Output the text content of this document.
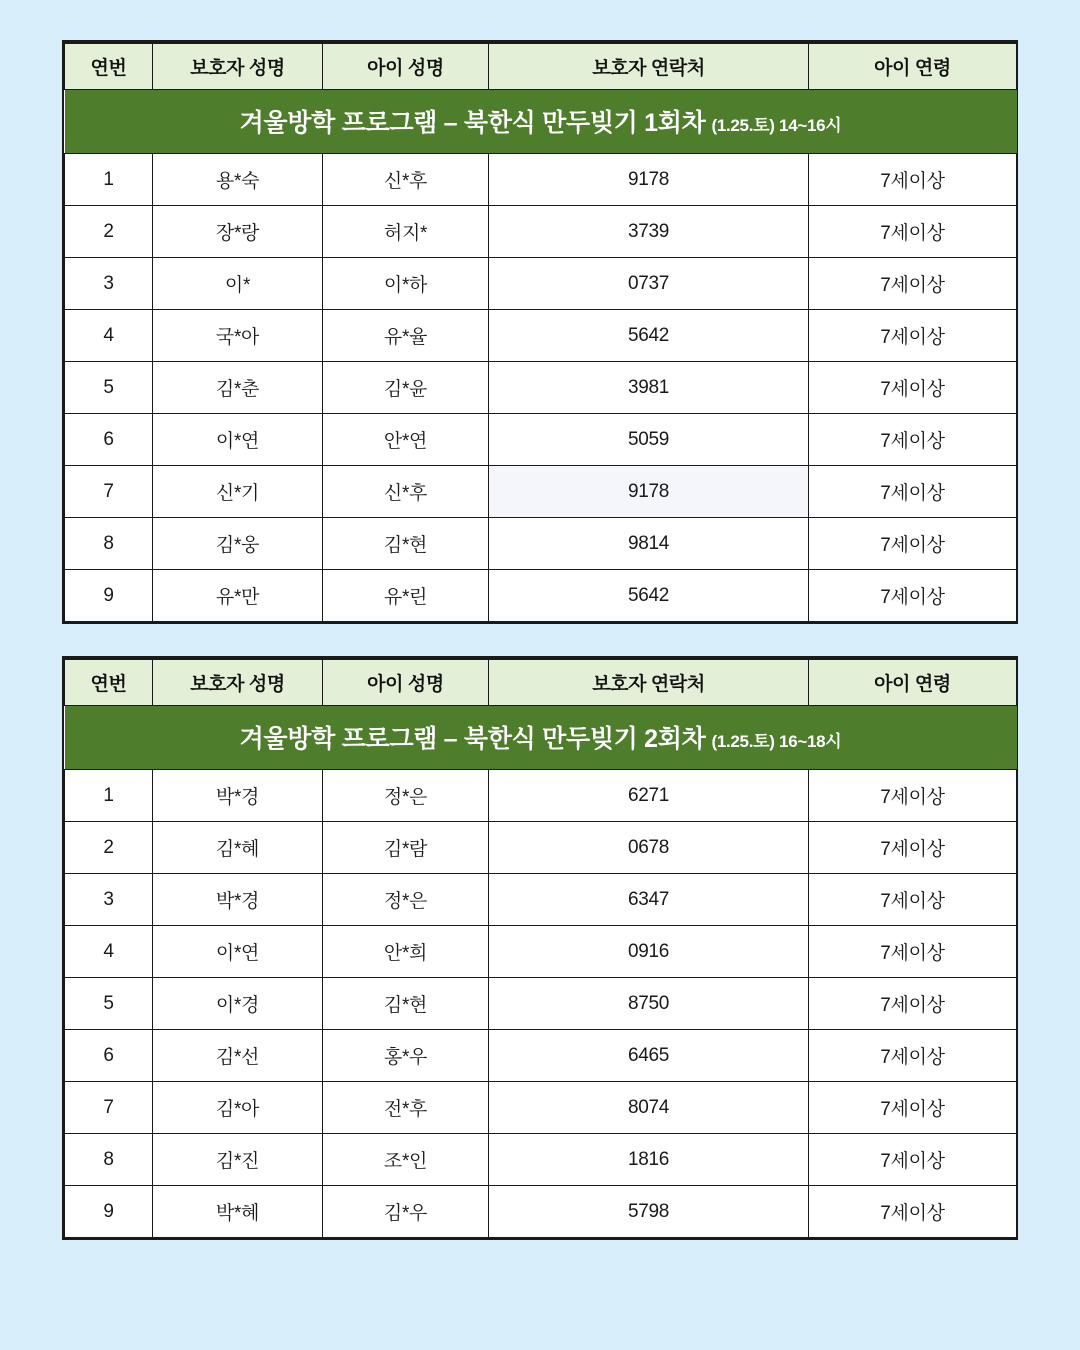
겨울방학 프로그램 – 북한식 만두빚기 1회차 (1.25.토) 14~16시				
연번	보호자 성명	아이 성명	보호자 연락처	아이 연령
1	용*숙	신*후	9178	7세이상
2	장*랑	허지*	3739	7세이상
3	이*	이*하	0737	7세이상
4	국*아	유*율	5642	7세이상
5	김*춘	김*윤	3981	7세이상
6	이*연	안*연	5059	7세이상
7	신*기	신*후	9178	7세이상
8	김*웅	김*현	9814	7세이상
9	유*만	유*린	5642	7세이상
겨울방학 프로그램 – 북한식 만두빚기 2회차 (1.25.토) 16~18시				
연번	보호자 성명	아이 성명	보호자 연락처	아이 연령
1	박*경	정*은	6271	7세이상
2	김*혜	김*람	0678	7세이상
3	박*경	정*은	6347	7세이상
4	이*연	안*희	0916	7세이상
5	이*경	김*현	8750	7세이상
6	김*선	홍*우	6465	7세이상
7	김*아	전*후	8074	7세이상
8	김*진	조*인	1816	7세이상
9	박*혜	김*우	5798	7세이상
